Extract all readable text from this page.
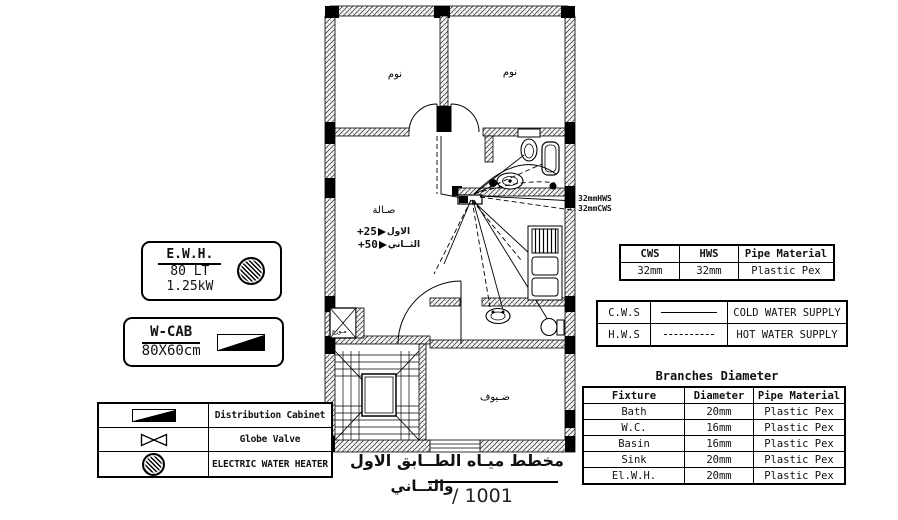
نوم	نوم
صـالة
ضـيوف
مـوزع
+25 الاول
+50 الثــاني
32mmHWS
32mmCWS
E.W.H.
80 LT
1.25kW
W-CAB
80X60cm
	Distribution Cabinet

	Globe Valve

	ELECTRIC WATER HEATER
CWS	HWS	Pipe Material
32mm	32mm	Plastic Pex
C.W.S		COLD WATER SUPPLY
H.W.S		HOT WATER SUPPLY
Branches Diameter
Fixture	Diameter	Pipe Material
Bath	20mm	Plastic Pex
W.C.	16mm	Plastic Pex
Basin	16mm	Plastic Pex
Sink	20mm	Plastic Pex
El.W.H.	20mm	Plastic Pex
مخطط ميـاه الطــابق الاول
والثــاني
/ 1001
